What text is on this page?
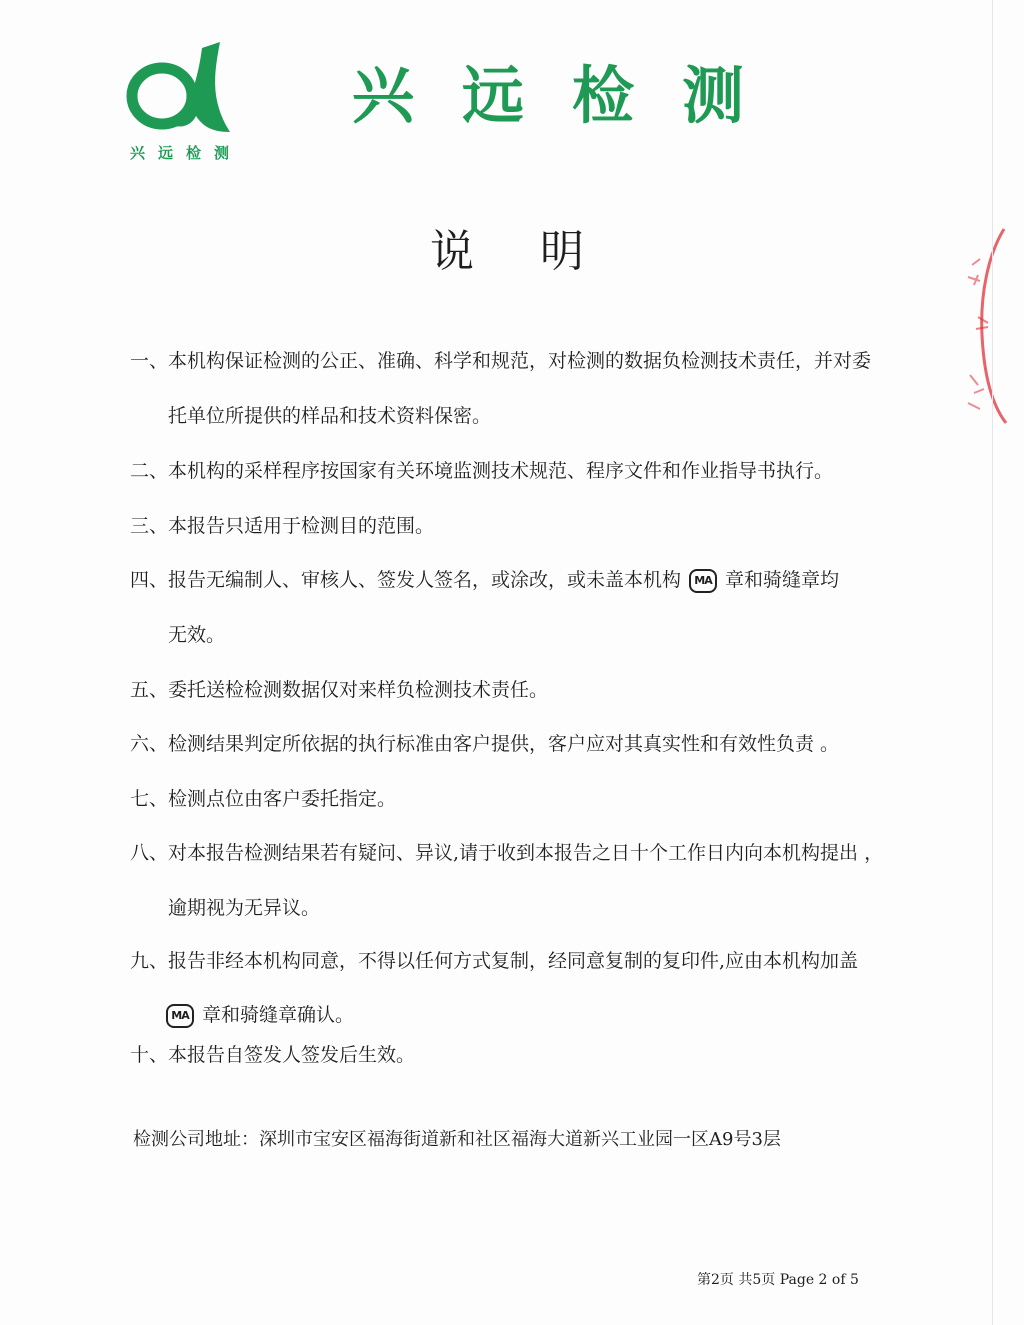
兴远检测
兴远检测
说明
一、本机构保证检测的公正、准确、科学和规范，对检测的数据负检测技术责任，并对委
托单位所提供的样品和技术资料保密。
二、本机构的采样程序按国家有关环境监测技术规范、程序文件和作业指导书执行。
三、本报告只适用于检测目的范围。
四、报告无编制人、审核人、签发人签名，或涂改，或未盖本机构 MA 章和骑缝章均
无效。
五、委托送检检测数据仅对来样负检测技术责任。
六、检测结果判定所依据的执行标准由客户提供，客户应对其真实性和有效性负责 。
七、检测点位由客户委托指定。
八、对本报告检测结果若有疑问、异议,请于收到本报告之日十个工作日内向本机构提出 ，
逾期视为无异议。
九、报告非经本机构同意，不得以任何方式复制，经同意复制的复印件,应由本机构加盖
MA 章和骑缝章确认。
十、本报告自签发人签发后生效。
检测公司地址：深圳市宝安区福海街道新和社区福海大道新兴工业园一区A9号3层
第2页 共5页 Page 2 of 5
